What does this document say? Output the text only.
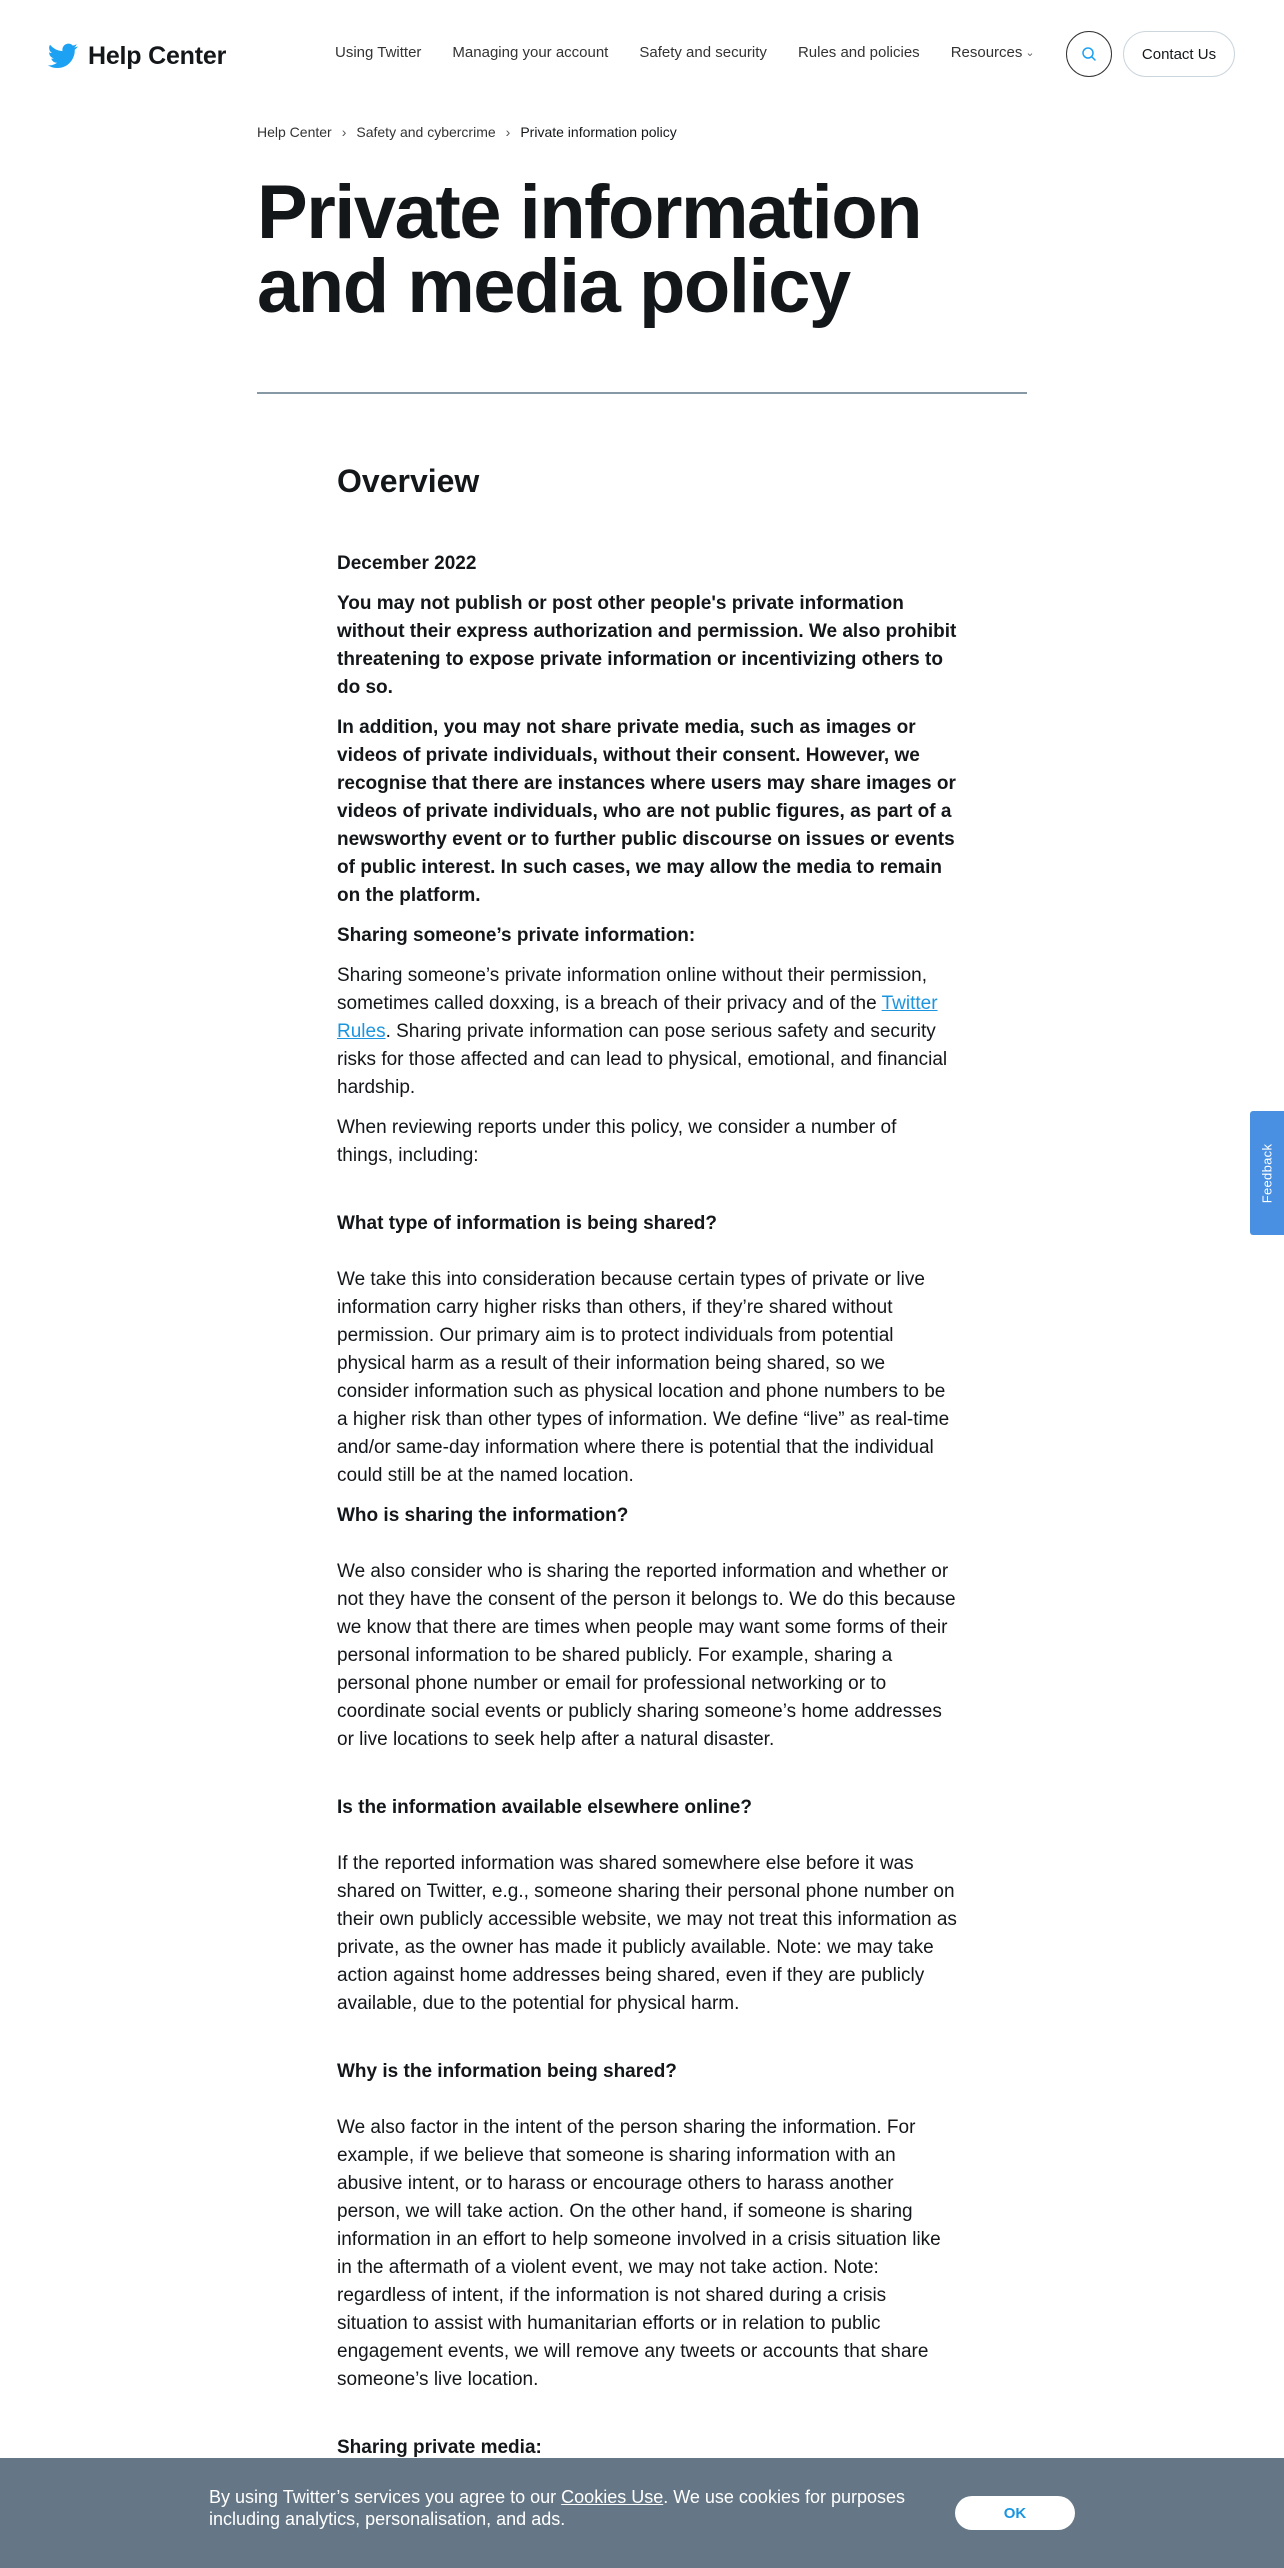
Help Center	Using Twitter Managing your account Safety and security Rules and policies Resources ⌄	Contact Us
Help Center › Safety and cybercrime › Private information policy
Private information
and media policy
Overview

December 2022

You may not publish or post other people's private information without their express authorization and permission. We also prohibit threatening to expose private information or incentivizing others to do so.

In addition, you may not share private media, such as images or videos of private individuals, without their consent. However, we recognise that there are instances where users may share images or videos of private individuals, who are not public figures, as part of a newsworthy event or to further public discourse on issues or events of public interest. In such cases, we may allow the media to remain on the platform.

Sharing someone’s private information:

Sharing someone’s private information online without their permission, sometimes called doxxing, is a breach of their privacy and of the Twitter Rules. Sharing private information can pose serious safety and security risks for those affected and can lead to physical, emotional, and financial hardship.

When reviewing reports under this policy, we consider a number of things, including:

What type of information is being shared?

We take this into consideration because certain types of private or live information carry higher risks than others, if they’re shared without permission. Our primary aim is to protect individuals from potential physical harm as a result of their information being shared, so we consider information such as physical location and phone numbers to be a higher risk than other types of information. We define “live” as real-time and/or same-day information where there is potential that the individual could still be at the named location.

Who is sharing the information?

We also consider who is sharing the reported information and whether or not they have the consent of the person it belongs to. We do this because we know that there are times when people may want some forms of their personal information to be shared publicly. For example, sharing a personal phone number or email for professional networking or to coordinate social events or publicly sharing someone’s home addresses or live locations to seek help after a natural disaster.

Is the information available elsewhere online?

If the reported information was shared somewhere else before it was shared on Twitter, e.g., someone sharing their personal phone number on their own publicly accessible website, we may not treat this information as private, as the owner has made it publicly available. Note: we may take action against home addresses being shared, even if they are publicly available, due to the potential for physical harm.

Why is the information being shared?

We also factor in the intent of the person sharing the information. For example, if we believe that someone is sharing information with an abusive intent, or to harass or encourage others to harass another person, we will take action. On the other hand, if someone is sharing information in an effort to help someone involved in a crisis situation like in the aftermath of a violent event, we may not take action. Note: regardless of intent, if the information is not shared during a crisis situation to assist with humanitarian efforts or in relation to public engagement events, we will remove any tweets or accounts that share someone’s live location.

Sharing private media:

Feedback
By using Twitter’s services you agree to our Cookies Use. We use cookies for purposes including analytics, personalisation, and ads.	OK
